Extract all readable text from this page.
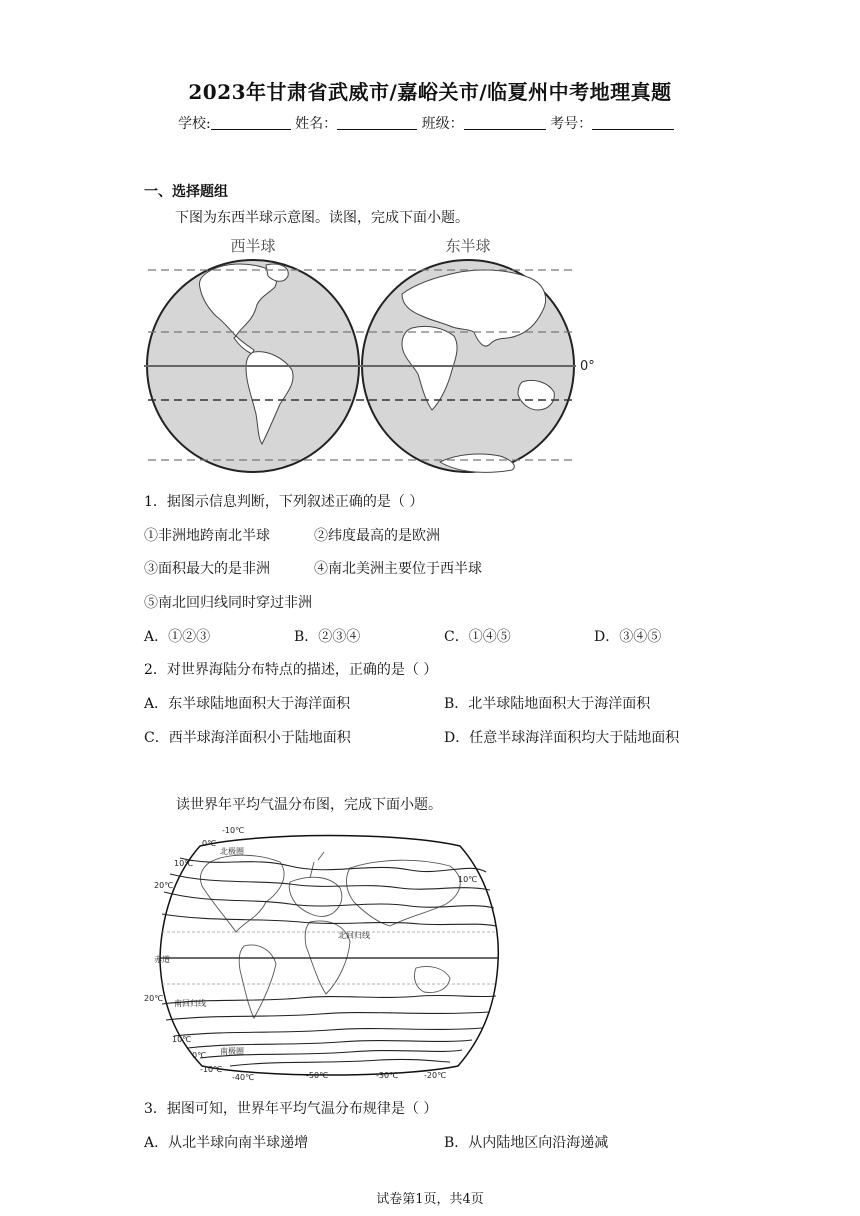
2023年甘肃省武威市/嘉峪关市/临夏州中考地理真题
学校:	姓名：	班级：	考号：
一、选择题组
下图为东西半球示意图。读图，完成下面小题。
西半球	东半球
0°
1．据图示信息判断，下列叙述正确的是（ ）
①非洲地跨南北半球	②纬度最高的是欧洲
③面积最大的是非洲	④南北美洲主要位于西半球
⑤南北回归线同时穿过非洲
A．①②③	B．②③④	C．①④⑤	D．③④⑤
2．对世界海陆分布特点的描述，正确的是（ ）
A．东半球陆地面积大于海洋面积	B．北半球陆地面积大于海洋面积
C．西半球海洋面积小于陆地面积	D．任意半球海洋面积均大于陆地面积
读世界年平均气温分布图，完成下面小题。
-10℃
0℃
北极圈
10℃
20℃
10℃
北回归线
赤道
20℃
南回归线
10℃
南极圈
0℃
-10℃
-40℃	-50℃	-30℃	-20℃
3．据图可知，世界年平均气温分布规律是（ ）
A．从北半球向南半球递增	B．从内陆地区向沿海递减
试卷第1页，共4页
